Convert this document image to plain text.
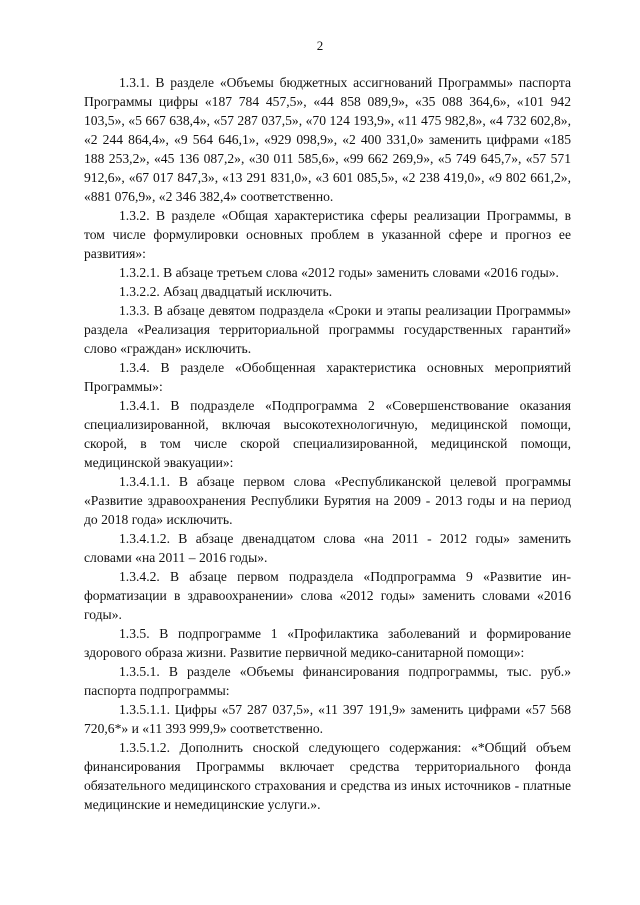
2

1.3.1. В разделе «Объемы бюджетных ассигнований Программы» паспорта Программы цифры «187 784 457,5», «44 858 089,9», «35 088 364,6», «101 942 103,5», «5 667 638,4», «57 287 037,5», «70 124 193,9», «11 475 982,8», «4 732 602,8», «2 244 864,4», «9 564 646,1», «929 098,9», «2 400 331,0» заменить цифрами «185 188 253,2», «45 136 087,2», «30 011 585,6», «99 662 269,9», «5 749 645,7», «57 571 912,6», «67 017 847,3», «13 291 831,0», «3 601 085,5», «2 238 419,0», «9 802 661,2», «881 076,9», «2 346 382,4» соответственно.

1.3.2. В разделе «Общая характеристика сферы реализации Программы, в том числе формулировки основных проблем в указанной сфере и прогноз ее развития»:

1.3.2.1. В абзаце третьем слова «2012 годы» заменить словами «2016 годы».

1.3.2.2. Абзац двадцатый исключить.

1.3.3. В абзаце девятом подраздела «Сроки и этапы реализации Программы» раздела «Реализация территориальной программы государственных гарантий» слово «граждан» исключить.

1.3.4. В разделе «Обобщенная характеристика основных мероприятий Программы»:

1.3.4.1. В подразделе «Подпрограмма 2 «Совершенствование оказания специализированной, включая высокотехнологичную, медицинской помощи, скорой, в том числе скорой специализированной, медицинской помощи, медицинской эвакуации»:

1.3.4.1.1. В абзаце первом слова «Республиканской целевой программы «Развитие здравоохранения Республики Бурятия на 2009 - 2013 годы и на период до 2018 года» исключить.

1.3.4.1.2. В абзаце двенадцатом слова «на 2011 - 2012 годы» заменить словами «на 2011 – 2016 годы».

1.3.4.2. В абзаце первом подраздела «Подпрограмма 9 «Развитие информатизации в здравоохранении» слова «2012 годы» заменить словами «2016 годы».

1.3.5. В подпрограмме 1 «Профилактика заболеваний и формирование здорового образа жизни. Развитие первичной медико-санитарной помощи»:

1.3.5.1. В разделе «Объемы финансирования подпрограммы, тыс. руб.» паспорта подпрограммы:

1.3.5.1.1. Цифры «57 287 037,5», «11 397 191,9» заменить цифрами «57 568 720,6*» и «11 393 999,9» соответственно.

1.3.5.1.2. Дополнить сноской следующего содержания: «*Общий объем финансирования Программы включает средства территориального фонда обязательного медицинского страхования и средства из иных источников - платные медицинские и немедицинские услуги.».
